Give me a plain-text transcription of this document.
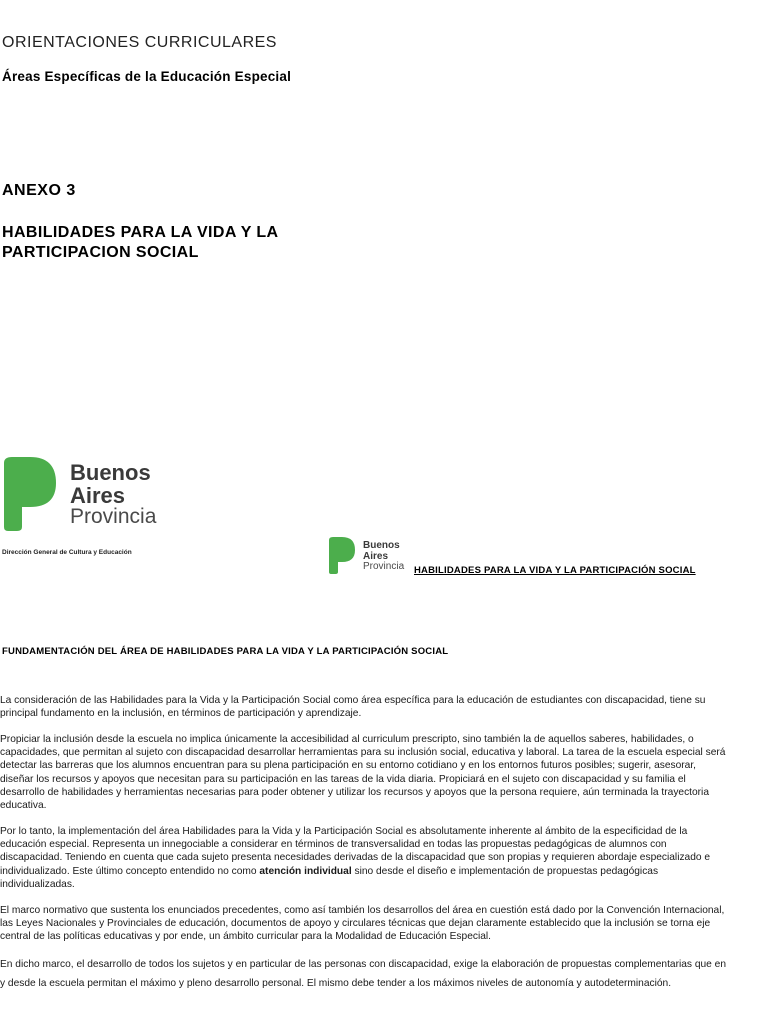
ORIENTACIONES CURRICULARES
Áreas Específicas de la Educación Especial
ANEXO 3
HABILIDADES PARA LA VIDA Y LA PARTICIPACION SOCIAL
Buenos
Aires
Provincia
Dirección General de Cultura y Educación
Buenos
Aires
Provincia HABILIDADES PARA LA VIDA Y LA PARTICIPACIÓN SOCIAL
FUNDAMENTACIÓN DEL ÁREA DE HABILIDADES PARA LA VIDA Y LA PARTICIPACIÓN SOCIAL

La consideración de las Habilidades para la Vida y la Participación Social como área específica para la educación de estudiantes con discapacidad, tiene su principal fundamento en la inclusión, en términos de participación y aprendizaje.

Propiciar la inclusión desde la escuela no implica únicamente la accesibilidad al curriculum prescripto, sino también la de aquellos saberes, habilidades, o capacidades, que permitan al sujeto con discapacidad desarrollar herramientas para su inclusión social, educativa y laboral. La tarea de la escuela especial será detectar las barreras que los alumnos encuentran para su plena participación en su entorno cotidiano y en los entornos futuros posibles; sugerir, asesorar, diseñar los recursos y apoyos que necesitan para su participación en las tareas de la vida diaria. Propiciará en el sujeto con discapacidad y su familia el desarrollo de habilidades y herramientas necesarias para poder obtener y utilizar los recursos y apoyos que la persona requiere, aún terminada la trayectoria educativa.

Por lo tanto, la implementación del área Habilidades para la Vida y la Participación Social es absolutamente inherente al ámbito de la especificidad de la educación especial. Representa un innegociable a considerar en términos de transversalidad en todas las propuestas pedagógicas de alumnos con discapacidad. Teniendo en cuenta que cada sujeto presenta necesidades derivadas de la discapacidad que son propias y requieren abordaje especializado e individualizado. Este último concepto entendido no como atención individual sino desde el diseño e implementación de propuestas pedagógicas individualizadas.

El marco normativo que sustenta los enunciados precedentes, como así también los desarrollos del área en cuestión está dado por la Convención Internacional, las Leyes Nacionales y Provinciales de educación, documentos de apoyo y circulares técnicas que dejan claramente establecido que la inclusión se torna eje central de las políticas educativas y por ende, un ámbito curricular para la Modalidad de Educación Especial.

En dicho marco, el desarrollo de todos los sujetos y en particular de las personas con discapacidad, exige la elaboración de propuestas complementarias que en y desde la escuela permitan el máximo y pleno desarrollo personal. El mismo debe tender a los máximos niveles de autonomía y autodeterminación.
